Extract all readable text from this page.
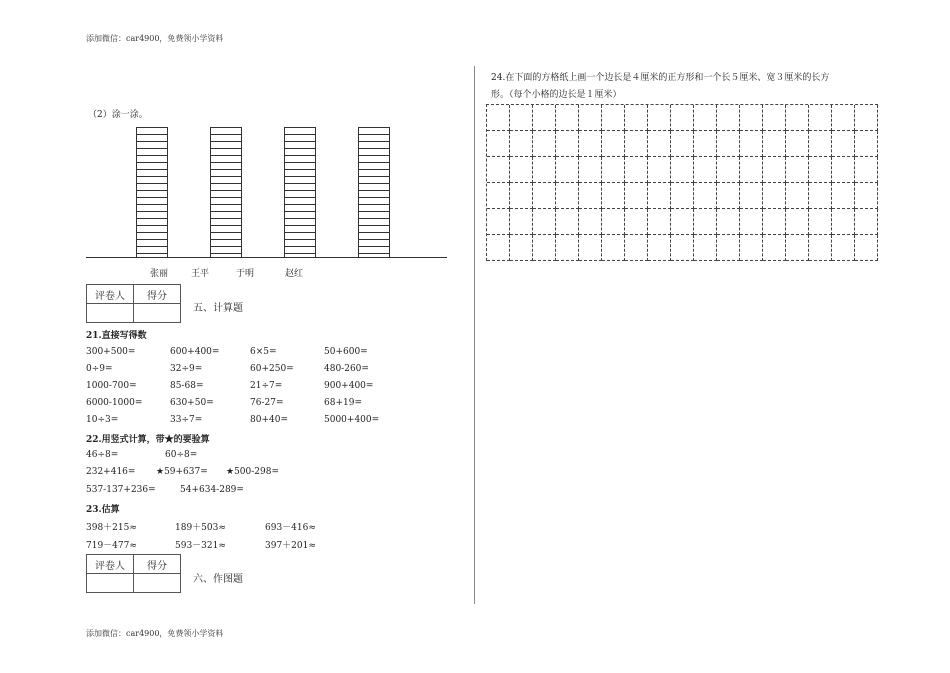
添加微信：car4900，免费领小学资料
添加微信：car4900，免费领小学资料
（2）涂一涂。
张丽	王平	于明	赵红
评卷人	得分

五、计算题
21.直接写得数
300+500=	600+400=	6×5=	50+600=
0÷9=	32÷9=	60+250=	480-260=
1000-700=	85-68=	21÷7=	900+400=
6000-1000=	630+50=	76-27=	68+19=
10÷3=	33÷7=	80+40=	5000+400=
22.用竖式计算，带★的要验算
46÷8=	60÷8=
232+416= ★59+637= ★500-298=
537-137+236=	54+634-289=
23.估算
398＋215≈	189＋503≈	693－416≈
719－477≈	593－321≈	397＋201≈
评卷人	得分

六、作图题
24.在下面的方格纸上画一个边长是４厘米的正方形和一个长５厘米、宽３厘米的长方
形。（每个小格的边长是１厘米）
